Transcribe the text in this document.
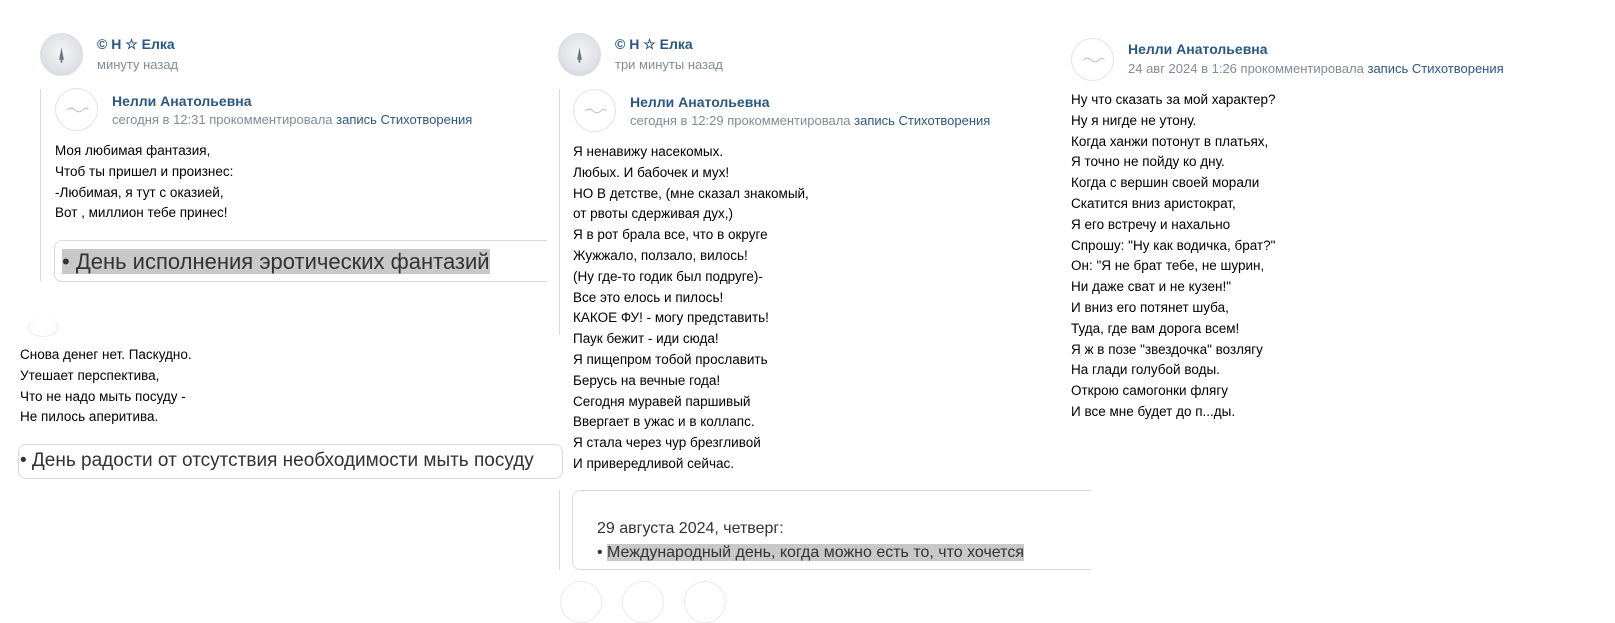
© Н ☆ Елка
минуту назад
Нелли Анатольевна
сегодня в 12:31 прокомментировала запись Стихотворения
Моя любимая фантазия,
Чтоб ты пришел и произнес:
-Любимая, я тут с оказией,
Вот , миллион тебе принес!
• День исполнения эротических фантазий
Снова денег нет. Паскудно.
Утешает перспектива,
Что не надо мыть посуду -
Не пилось аперитива.
• День радости от отсутствия необходимости мыть посуду
© Н ☆ Елка
три минуты назад
Нелли Анатольевна
сегодня в 12:29 прокомментировала запись Стихотворения
Я ненавижу насекомых.
Любых. И бабочек и мух!
НО В детстве, (мне сказал знакомый,
от рвоты сдерживая дух,)
Я в рот брала все, что в округе
Жужжало, ползало, вилось!
(Ну где-то годик был подруге)-
Все это елось и пилось!
КАКОЕ ФУ! - могу представить!
Паук бежит - иди сюда!
Я пищепром тобой прославить
Берусь на вечные года!
Сегодня муравей паршивый
Ввергает в ужас и в коллапс.
Я стала через чур брезгливой
И привередливой сейчас.
29 августа 2024, четверг:
• Международный день, когда можно есть то, что хочется
Нелли Анатольевна
24 авг 2024 в 1:26 прокомментировала запись Стихотворения
Ну что сказать за мой характер?
Ну я нигде не утону.
Когда ханжи потонут в платьях,
Я точно не пойду ко дну.
Когда с вершин своей морали
Скатится вниз аристократ,
Я его встречу и нахально
Спрошу: "Ну как водичка, брат?"
Он: "Я не брат тебе, не шурин,
Ни даже сват и не кузен!"
И вниз его потянет шуба,
Туда, где вам дорога всем!
Я ж в позе "звездочка" возлягу
На глади голубой воды.
Открою самогонки флягу
И все мне будет до п...ды.
